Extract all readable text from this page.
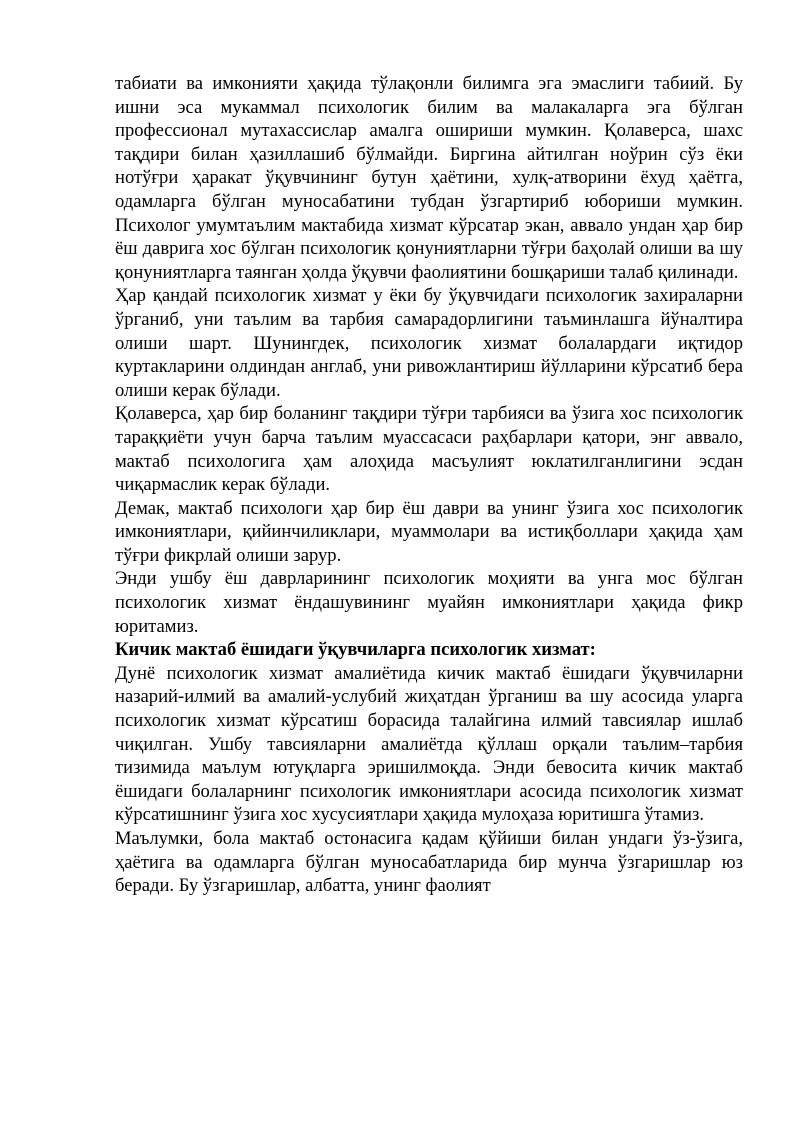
табиати ва имконияти ҳақида тўлақонли билимга эга эмаслиги табиий. Бу ишни эса мукаммал психологик билим ва малакаларга эга бўлган профессионал мутахассислар амалга ошириши мумкин. Қолаверса, шахс тақдири билан ҳазиллашиб бўлмайди. Биргина айтилган ноўрин сўз ёки нотўғри ҳаракат ўқувчининг бутун ҳаётини, хулқ-атворини ёхуд ҳаётга, одамларга бўлган муносабатини тубдан ўзгартириб юбориши мумкин. Психолог умумтаълим мактабида хизмат кўрсатар экан, аввало ундан ҳар бир ёш даврига хос бўлган психологик қонуниятларни тўғри баҳолай олиши ва шу қонуниятларга таянган ҳолда ўқувчи фаолиятини бошқариши талаб қилинади.

Ҳар қандай психологик хизмат у ёки бу ўқувчидаги психологик захираларни ўрганиб, уни таълим ва тарбия самарадорлигини таъминлашга йўналтира олиши шарт. Шунингдек, психологик хизмат болалардаги иқтидор куртакларини олдиндан англаб, уни ривожлантириш йўлларини кўрсатиб бера олиши керак бўлади.

Қолаверса, ҳар бир боланинг тақдири тўғри тарбияси ва ўзига хос психологик тараққиёти учун барча таълим муассасаси раҳбарлари қатори, энг аввало, мактаб психологига ҳам алоҳида масъулият юклатилганлигини эсдан чиқармаслик керак бўлади.

Демак, мактаб психологи ҳар бир ёш даври ва унинг ўзига хос психологик имкониятлари, қийинчиликлари, муаммолари ва истиқболлари ҳақида ҳам тўғри фикрлай олиши зарур.

Энди ушбу ёш даврларининг психологик моҳияти ва унга мос бўлган психологик хизмат ёндашувининг муайян имкониятлари ҳақида фикр юритамиз.

Кичик мактаб ёшидаги ўқувчиларга психологик хизмат:

Дунё психологик хизмат амалиётида кичик мактаб ёшидаги ўқувчиларни назарий-илмий ва амалий-услубий жиҳатдан ўрганиш ва шу асосида уларга психологик хизмат кўрсатиш борасида талайгина илмий тавсиялар ишлаб чиқилган. Ушбу тавсияларни амалиётда қўллаш орқали таълим–тарбия тизимида маълум ютуқларга эришилмоқда. Энди бевосита кичик мактаб ёшидаги болаларнинг психологик имкониятлари асосида психологик хизмат кўрсатишнинг ўзига хос хусусиятлари ҳақида мулоҳаза юритишга ўтамиз.

Маълумки, бола мактаб остонасига қадам қўйиши билан ундаги ўз-ўзига, ҳаётига ва одамларга бўлган муносабатларида бир мунча ўзгаришлар юз беради. Бу ўзгаришлар, албатта, унинг фаолият
